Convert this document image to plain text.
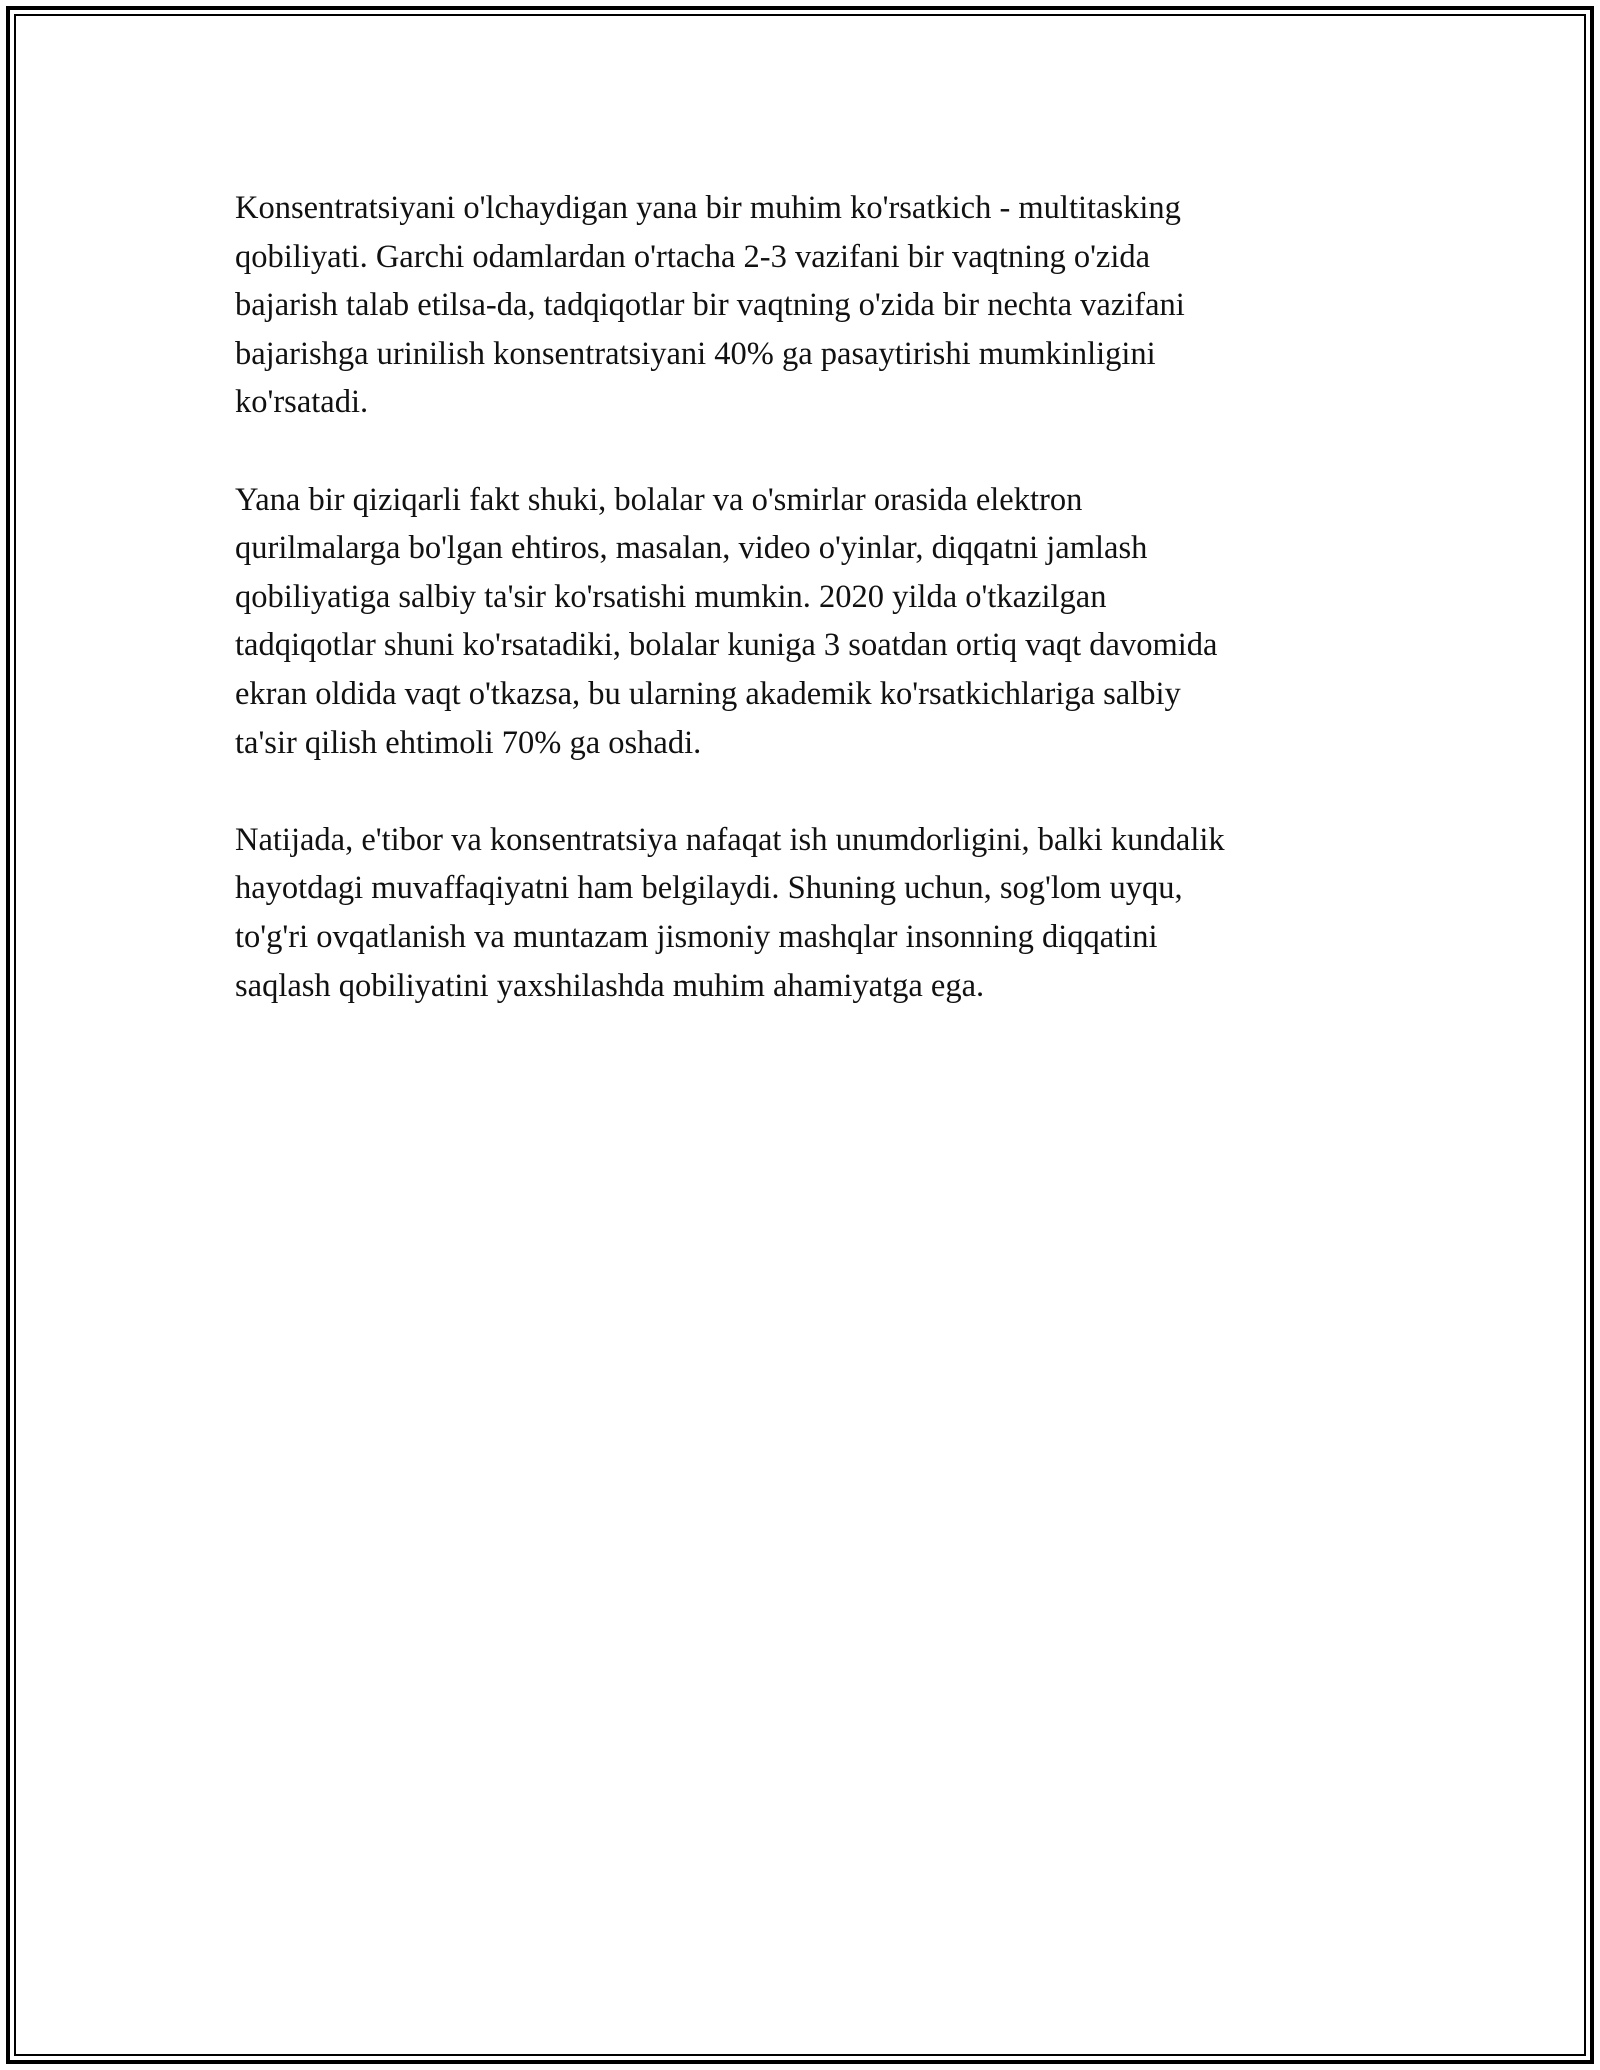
Konsentratsiyani o'lchaydigan yana bir muhim ko'rsatkich - multitasking
qobiliyati. Garchi odamlardan o'rtacha 2-3 vazifani bir vaqtning o'zida
bajarish talab etilsa-da, tadqiqotlar bir vaqtning o'zida bir nechta vazifani
bajarishga urinilish konsentratsiyani 40% ga pasaytirishi mumkinligini
ko'rsatadi.

Yana bir qiziqarli fakt shuki, bolalar va o'smirlar orasida elektron
qurilmalarga bo'lgan ehtiros, masalan, video o'yinlar, diqqatni jamlash
qobiliyatiga salbiy ta'sir ko'rsatishi mumkin. 2020 yilda o'tkazilgan
tadqiqotlar shuni ko'rsatadiki, bolalar kuniga 3 soatdan ortiq vaqt davomida
ekran oldida vaqt o'tkazsa, bu ularning akademik ko'rsatkichlariga salbiy
ta'sir qilish ehtimoli 70% ga oshadi.

Natijada, e'tibor va konsentratsiya nafaqat ish unumdorligini, balki kundalik
hayotdagi muvaffaqiyatni ham belgilaydi. Shuning uchun, sog'lom uyqu,
to'g'ri ovqatlanish va muntazam jismoniy mashqlar insonning diqqatini
saqlash qobiliyatini yaxshilashda muhim ahamiyatga ega.
